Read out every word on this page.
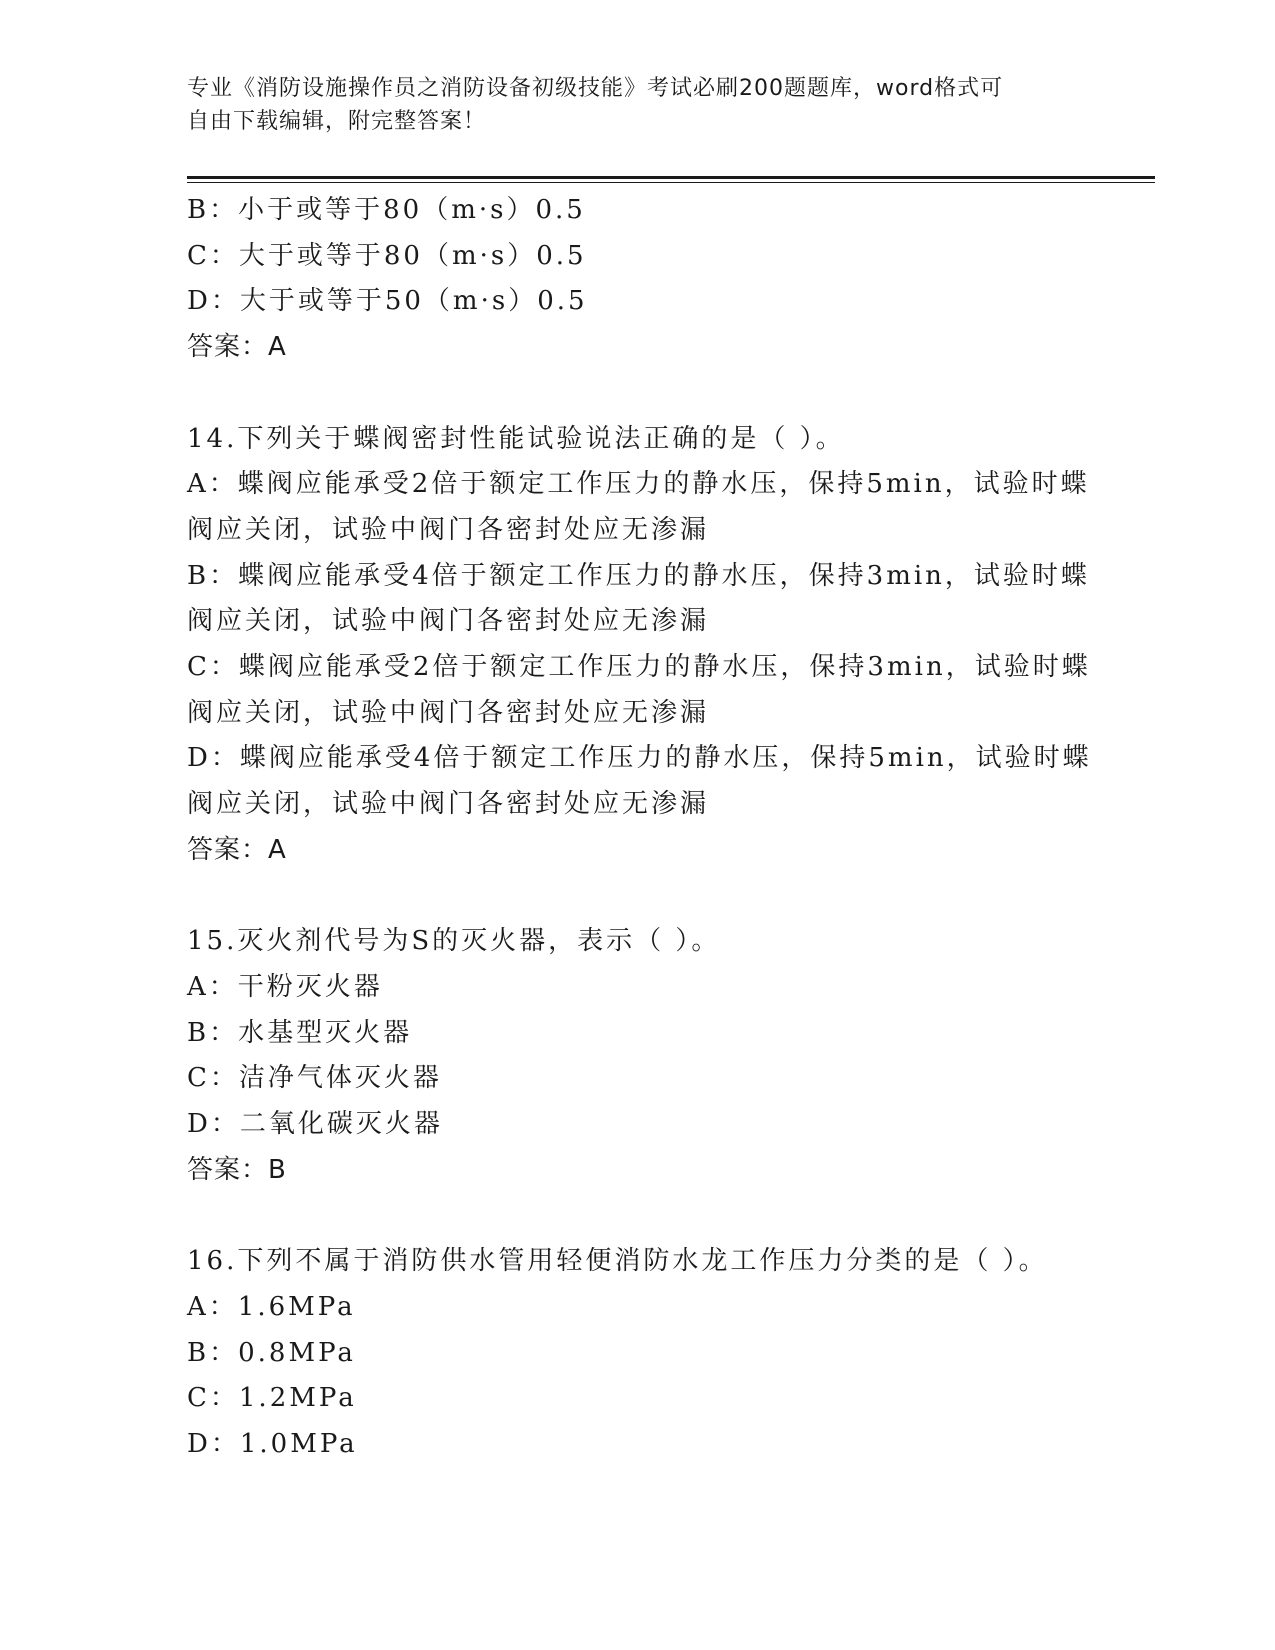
专业《消防设施操作员之消防设备初级技能》考试必刷200题题库，word格式可
自由下载编辑，附完整答案！
B：小于或等于80（m·s）0.5
C：大于或等于80（m·s）0.5
D：大于或等于50（m·s）0.5
答案：A
14.下列关于蝶阀密封性能试验说法正确的是（ ）。
A：蝶阀应能承受2倍于额定工作压力的静水压，保持5min，试验时蝶
阀应关闭，试验中阀门各密封处应无渗漏
B：蝶阀应能承受4倍于额定工作压力的静水压，保持3min，试验时蝶
阀应关闭，试验中阀门各密封处应无渗漏
C：蝶阀应能承受2倍于额定工作压力的静水压，保持3min，试验时蝶
阀应关闭，试验中阀门各密封处应无渗漏
D：蝶阀应能承受4倍于额定工作压力的静水压，保持5min，试验时蝶
阀应关闭，试验中阀门各密封处应无渗漏
答案：A
15.灭火剂代号为S的灭火器，表示（ ）。
A：干粉灭火器
B：水基型灭火器
C：洁净气体灭火器
D：二氧化碳灭火器
答案：B
16.下列不属于消防供水管用轻便消防水龙工作压力分类的是（ ）。
A：1.6MPa
B：0.8MPa
C：1.2MPa
D：1.0MPa
